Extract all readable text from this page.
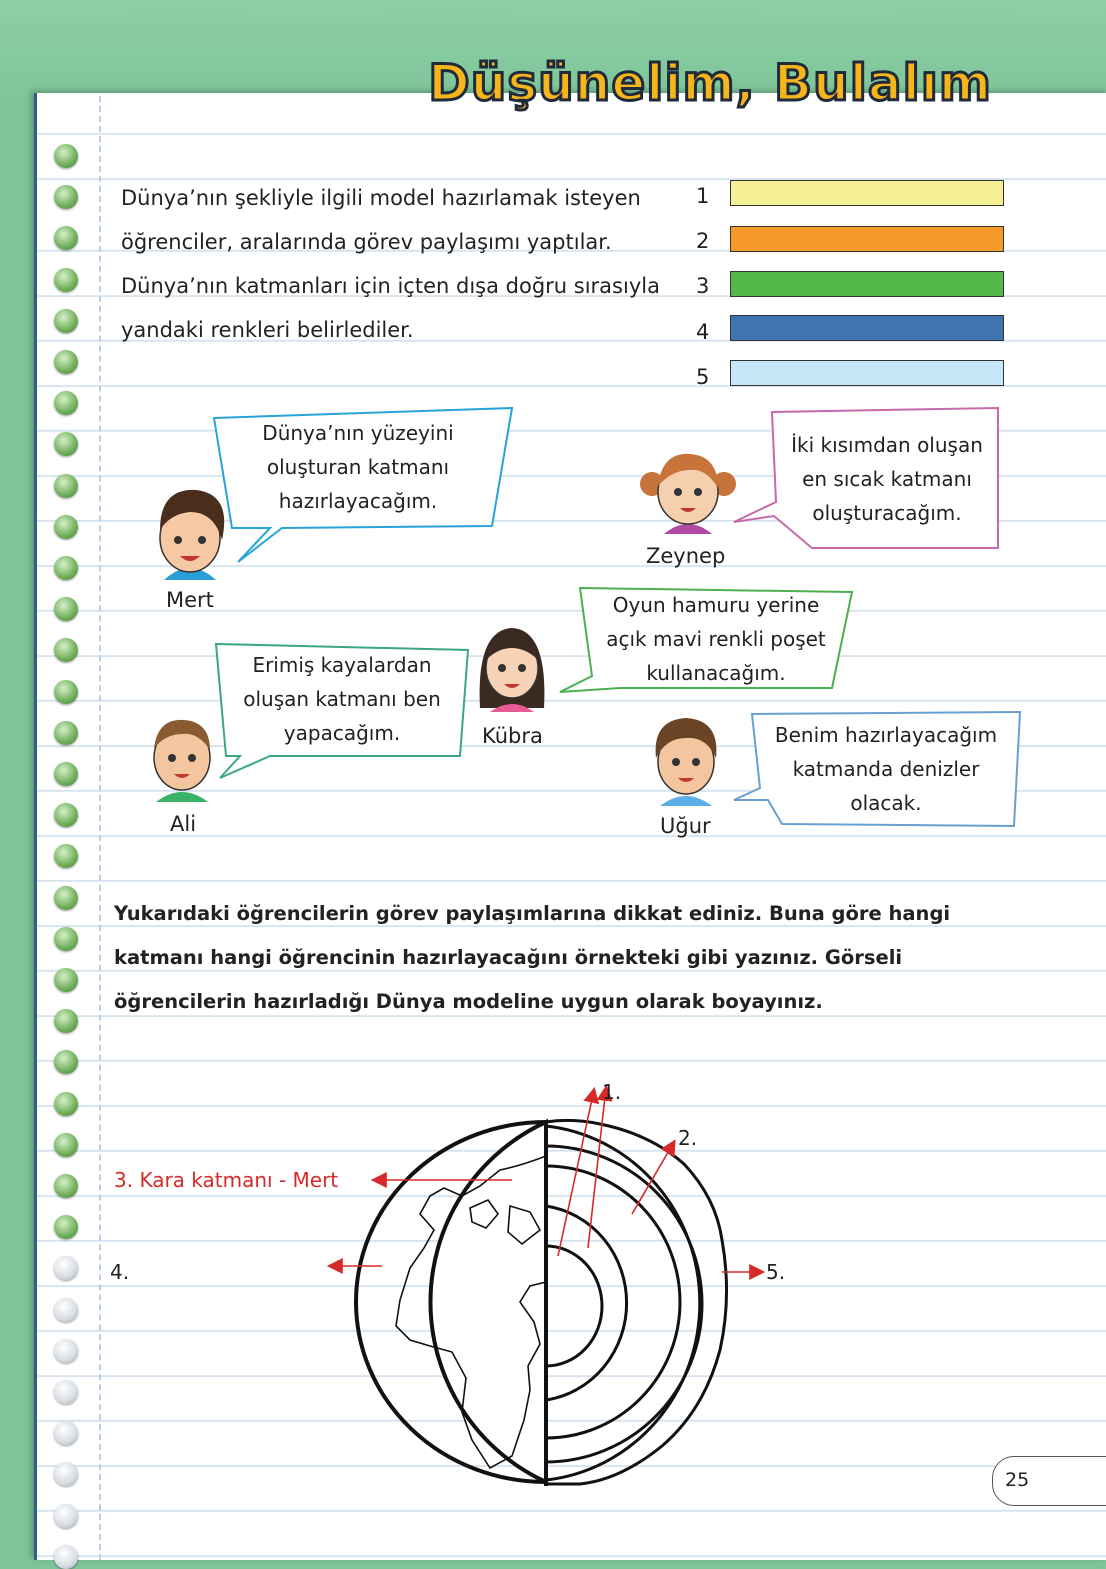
Düşünelim, Bulalım
Dünya’nın şekliyle ilgili model hazırlamak isteyen
öğrenciler, aralarında görev paylaşımı yaptılar.
Dünya’nın katmanları için içten dışa doğru sırasıyla
yandaki renkleri belirlediler.
1
2
3
4
5
Dünya’nın yüzeyini
oluşturan katmanı
hazırlayacağım.
İki kısımdan oluşan
en sıcak katmanı
oluşturacağım.
Oyun hamuru yerine
açık mavi renkli poşet
kullanacağım.
Erimiş kayalardan
oluşan katmanı ben
yapacağım.	Benim hazırlayacağım
katmanda denizler
olacak.
Mert
Zeynep
Kübra
Ali	Uğur
Yukarıdaki öğrencilerin görev paylaşımlarına dikkat ediniz. Buna göre hangi
katmanı hangi öğrencinin hazırlayacağını örnekteki gibi yazınız. Görseli
öğrencilerin hazırladığı Dünya modeline uygun olarak boyayınız.
1.
2.
4.	5.
3. Kara katmanı - Mert
25
